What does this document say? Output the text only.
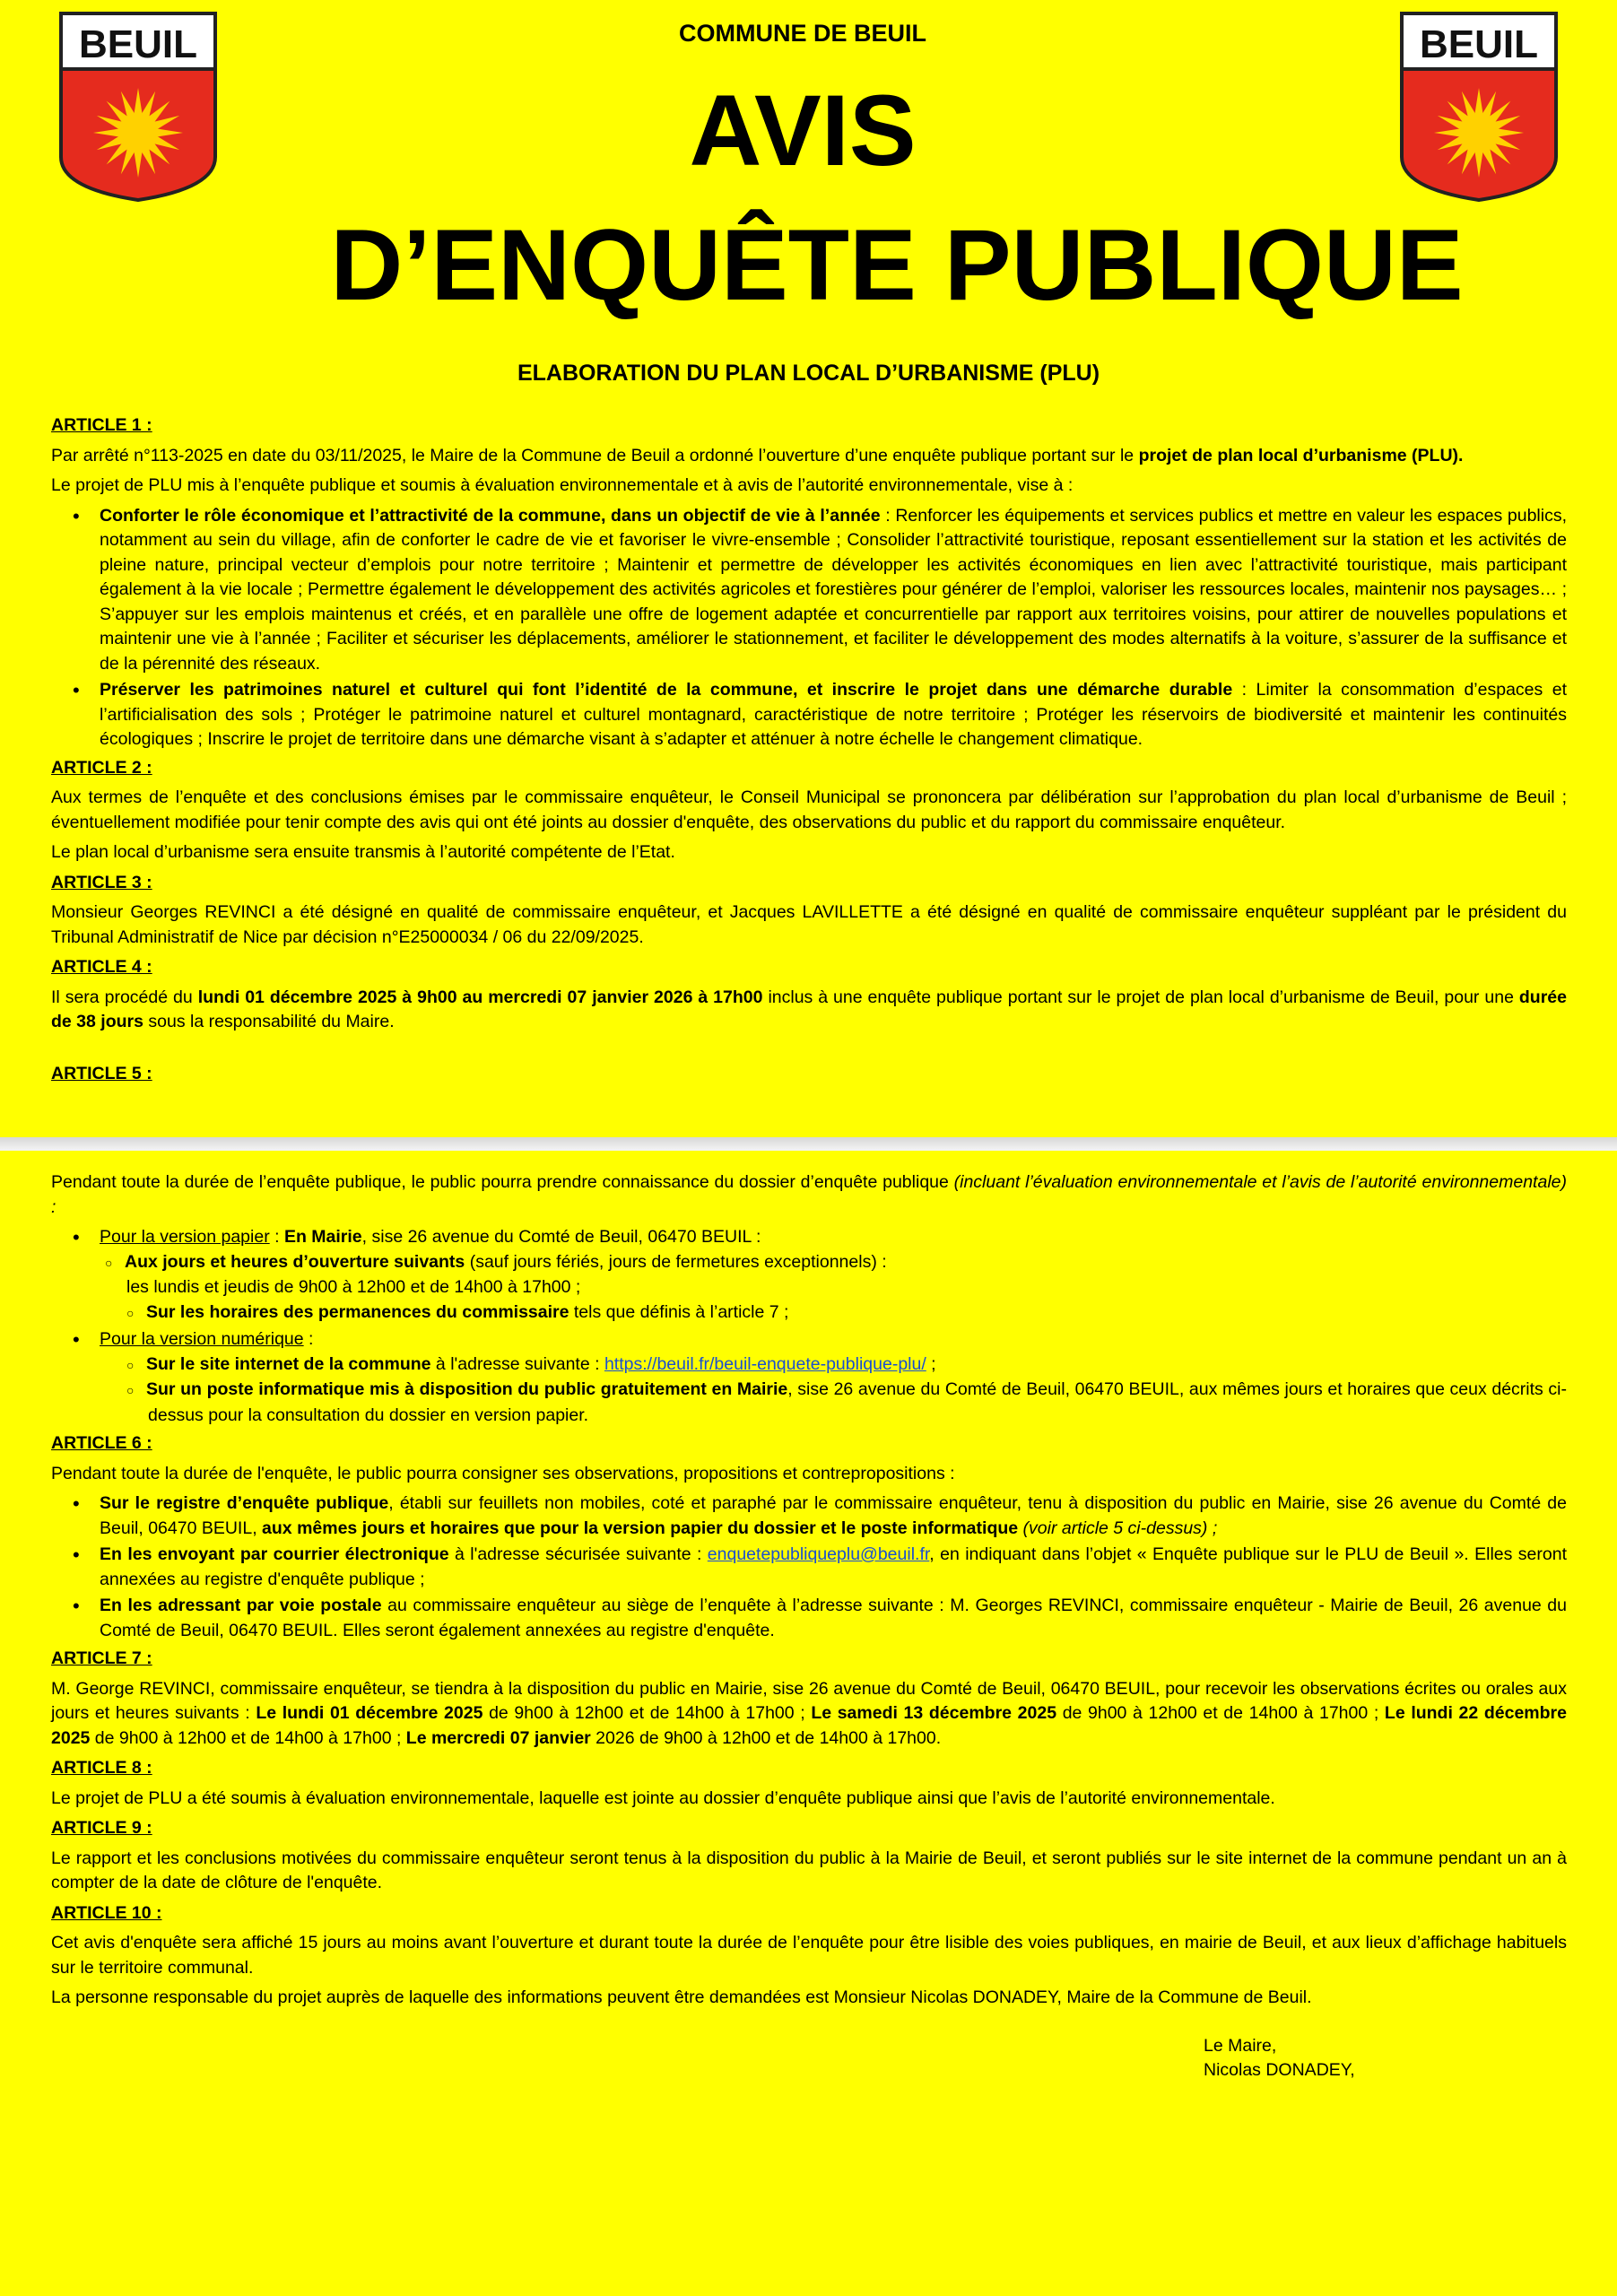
BEUIL	BEUIL
COMMUNE DE BEUIL
AVIS
D’ENQUÊTE PUBLIQUE
ELABORATION DU PLAN LOCAL D’URBANISME (PLU)
ARTICLE 1 :

Par arrêté n°113-2025 en date du 03/11/2025, le Maire de la Commune de Beuil a ordonné l’ouverture d’une enquête publique portant sur le projet de plan local d’urbanisme (PLU).

Le projet de PLU mis à l’enquête publique et soumis à évaluation environnementale et à avis de l’autorité environnementale, vise à :

• Conforter le rôle économique et l’attractivité de la commune, dans un objectif de vie à l’année : Renforcer les équipements et services publics et mettre en valeur les espaces publics, notamment au sein du village, afin de conforter le cadre de vie et favoriser le vivre-ensemble ; Consolider l’attractivité touristique, reposant essentiellement sur la station et les activités de pleine nature, principal vecteur d’emplois pour notre territoire ; Maintenir et permettre de développer les activités économiques en lien avec l’attractivité touristique, mais participant également à la vie locale ; Permettre également le développement des activités agricoles et forestières pour générer de l’emploi, valoriser les ressources locales, maintenir nos paysages… ; S’appuyer sur les emplois maintenus et créés, et en parallèle une offre de logement adaptée et concurrentielle par rapport aux territoires voisins, pour attirer de nouvelles populations et maintenir une vie à l’année ; Faciliter et sécuriser les déplacements, améliorer le stationnement, et faciliter le développement des modes alternatifs à la voiture, s’assurer de la suffisance et de la pérennité des réseaux.
• Préserver les patrimoines naturel et culturel qui font l’identité de la commune, et inscrire le projet dans une démarche durable : Limiter la consommation d’espaces et l’artificialisation des sols ; Protéger le patrimoine naturel et culturel montagnard, caractéristique de notre territoire ; Protéger les réservoirs de biodiversité et maintenir les continuités écologiques ; Inscrire le projet de territoire dans une démarche visant à s’adapter et atténuer à notre échelle le changement climatique.
ARTICLE 2 :

Aux termes de l’enquête et des conclusions émises par le commissaire enquêteur, le Conseil Municipal se prononcera par délibération sur l’approbation du plan local d’urbanisme de Beuil ; éventuellement modifiée pour tenir compte des avis qui ont été joints au dossier d'enquête, des observations du public et du rapport du commissaire enquêteur.

Le plan local d’urbanisme sera ensuite transmis à l’autorité compétente de l’Etat.

ARTICLE 3 :

Monsieur Georges REVINCI a été désigné en qualité de commissaire enquêteur, et Jacques LAVILLETTE a été désigné en qualité de commissaire enquêteur suppléant par le président du Tribunal Administratif de Nice par décision n°E25000034 / 06 du 22/09/2025.

ARTICLE 4 :

Il sera procédé du lundi 01 décembre 2025 à 9h00 au mercredi 07 janvier 2026 à 17h00 inclus à une enquête publique portant sur le projet de plan local d’urbanisme de Beuil, pour une durée de 38 jours sous la responsabilité du Maire.

ARTICLE 5 :

Pendant toute la durée de l’enquête publique, le public pourra prendre connaissance du dossier d’enquête publique (incluant l’évaluation environnementale et l’avis de l’autorité environnementale) :

• Pour la version papier : En Mairie, sise 26 avenue du Comté de Beuil, 06470 BEUIL :
○ Aux jours et heures d’ouverture suivants (sauf jours fériés, jours de fermetures exceptionnels) :
les lundis et jeudis de 9h00 à 12h00 et de 14h00 à 17h00 ;
○ Sur les horaires des permanences du commissaire tels que définis à l’article 7 ;
• Pour la version numérique :
○ Sur le site internet de la commune à l'adresse suivante : https://beuil.fr/beuil-enquete-publique-plu/ ;
○ Sur un poste informatique mis à disposition du public gratuitement en Mairie, sise 26 avenue du Comté de Beuil, 06470 BEUIL, aux mêmes jours et horaires que ceux décrits ci-dessus pour la consultation du dossier en version papier.
ARTICLE 6 :

Pendant toute la durée de l'enquête, le public pourra consigner ses observations, propositions et contrepropositions :

• Sur le registre d’enquête publique, établi sur feuillets non mobiles, coté et paraphé par le commissaire enquêteur, tenu à disposition du public en Mairie, sise 26 avenue du Comté de Beuil, 06470 BEUIL, aux mêmes jours et horaires que pour la version papier du dossier et le poste informatique (voir article 5 ci-dessus) ;
• En les envoyant par courrier électronique à l'adresse sécurisée suivante : enquetepubliqueplu@beuil.fr, en indiquant dans l’objet « Enquête publique sur le PLU de Beuil ». Elles seront annexées au registre d'enquête publique ;
• En les adressant par voie postale au commissaire enquêteur au siège de l’enquête à l’adresse suivante : M. Georges REVINCI, commissaire enquêteur - Mairie de Beuil, 26 avenue du Comté de Beuil, 06470 BEUIL. Elles seront également annexées au registre d'enquête.
ARTICLE 7 :

M. George REVINCI, commissaire enquêteur, se tiendra à la disposition du public en Mairie, sise 26 avenue du Comté de Beuil, 06470 BEUIL, pour recevoir les observations écrites ou orales aux jours et heures suivants : Le lundi 01 décembre 2025 de 9h00 à 12h00 et de 14h00 à 17h00 ; Le samedi 13 décembre 2025 de 9h00 à 12h00 et de 14h00 à 17h00 ; Le lundi 22 décembre 2025 de 9h00 à 12h00 et de 14h00 à 17h00 ; Le mercredi 07 janvier 2026 de 9h00 à 12h00 et de 14h00 à 17h00.

ARTICLE 8 :

Le projet de PLU a été soumis à évaluation environnementale, laquelle est jointe au dossier d’enquête publique ainsi que l’avis de l’autorité environnementale.

ARTICLE 9 :

Le rapport et les conclusions motivées du commissaire enquêteur seront tenus à la disposition du public à la Mairie de Beuil, et seront publiés sur le site internet de la commune pendant un an à compter de la date de clôture de l'enquête.

ARTICLE 10 :

Cet avis d'enquête sera affiché 15 jours au moins avant l’ouverture et durant toute la durée de l’enquête pour être lisible des voies publiques, en mairie de Beuil, et aux lieux d’affichage habituels sur le territoire communal.

La personne responsable du projet auprès de laquelle des informations peuvent être demandées est Monsieur Nicolas DONADEY, Maire de la Commune de Beuil.

Le Maire,
Nicolas DONADEY,
